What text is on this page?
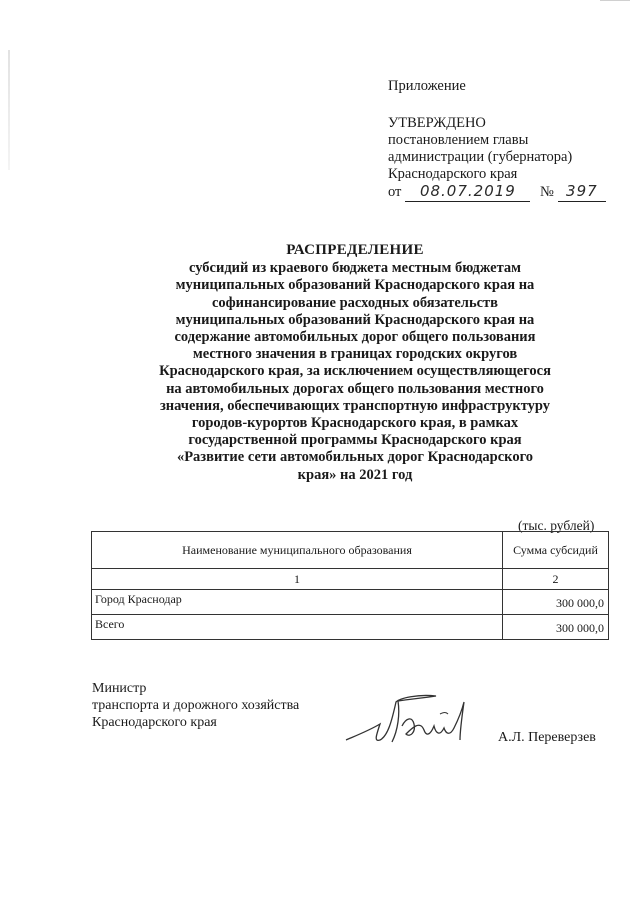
Приложение
УТВЕРЖДЕНО
постановлением главы
администрации (губернатора)
Краснодарского края
от 08.07.2019 № 397
РАСПРЕДЕЛЕНИЕ
субсидий из краевого бюджета местным бюджетам
муниципальных образований Краснодарского края на
софинансирование расходных обязательств
муниципальных образований Краснодарского края на
содержание автомобильных дорог общего пользования
местного значения в границах городских округов
Краснодарского края, за исключением осуществляющегося
на автомобильных дорогах общего пользования местного
значения, обеспечивающих транспортную инфраструктуру
городов-курортов Краснодарского края, в рамках
государственной программы Краснодарского края
«Развитие сети автомобильных дорог Краснодарского
края» на 2021 год
(тыс. рублей)
Наименование муниципального образования	Сумма субсидий
1	2
Город Краснодар	300 000,0
Всего	300 000,0
Министр
транспорта и дорожного хозяйства
Краснодарского края
А.Л. Переверзев
